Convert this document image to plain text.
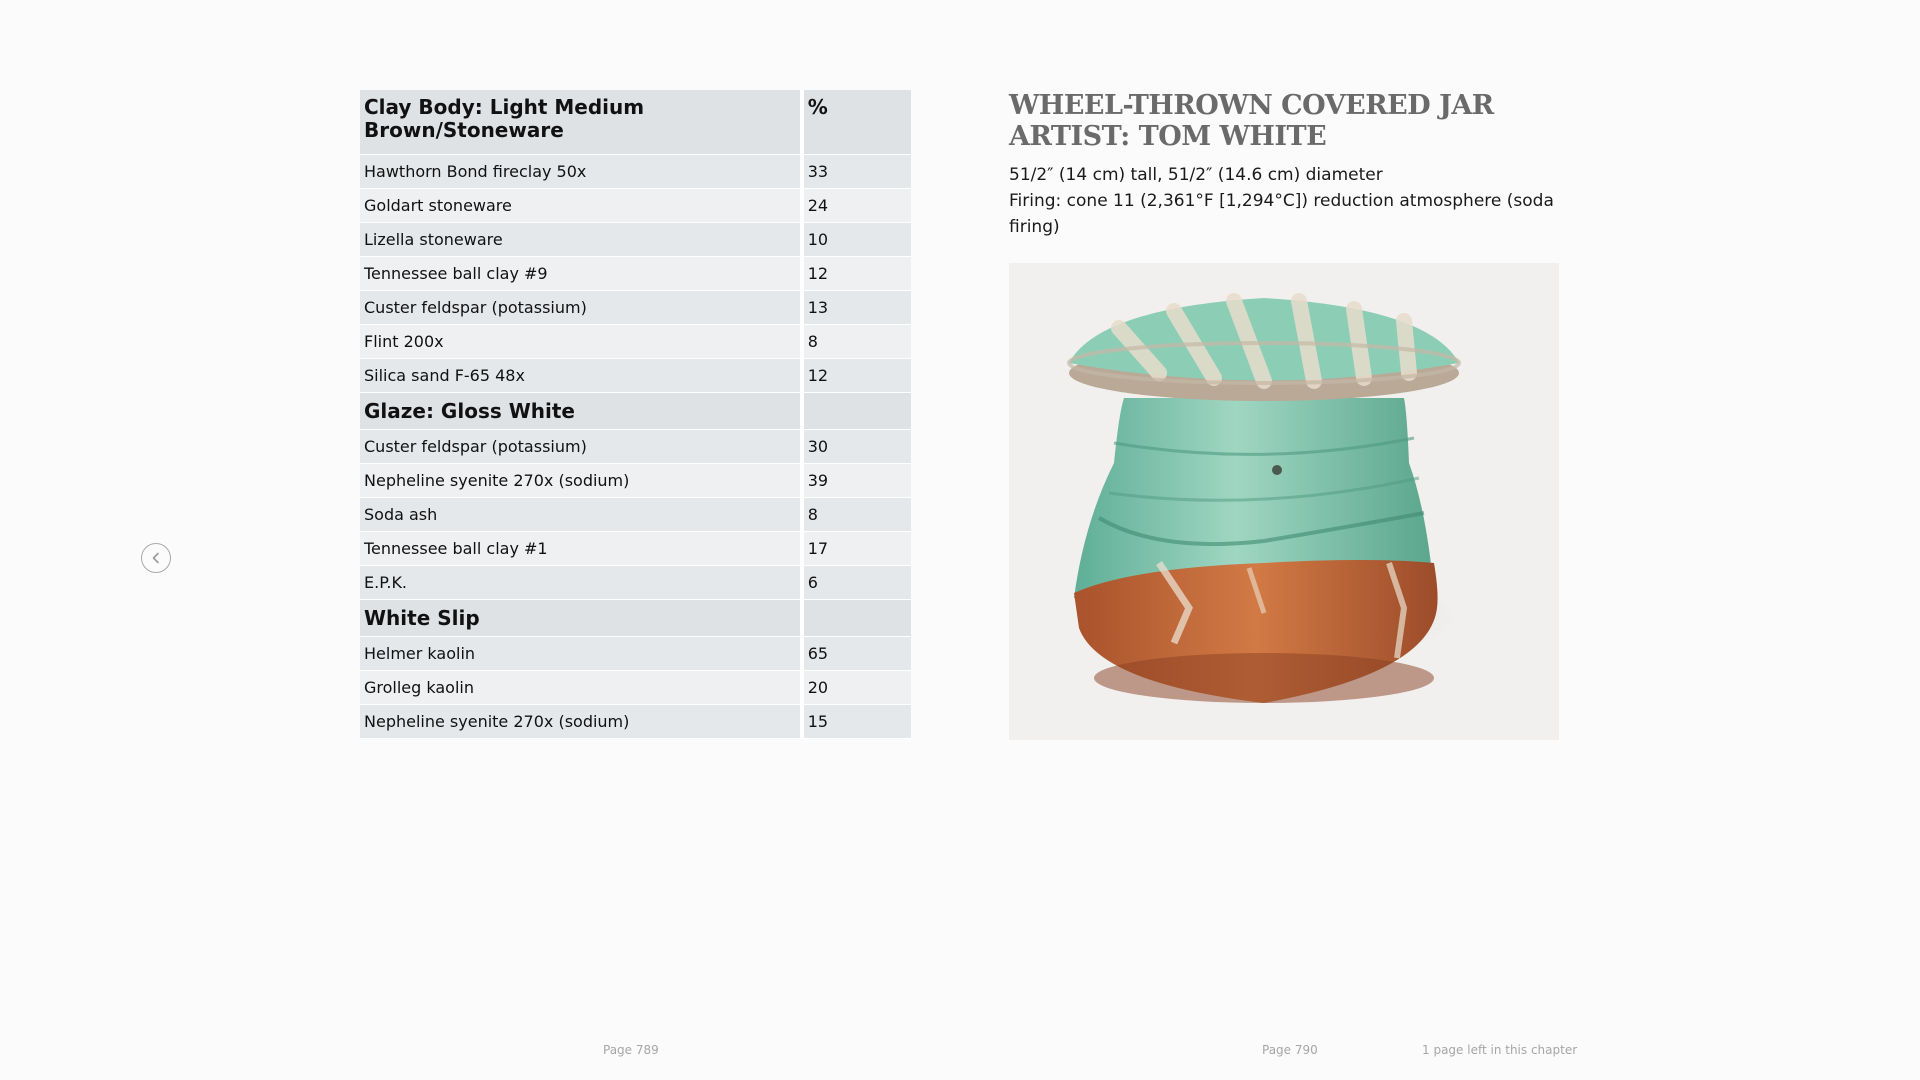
Clay Body: Light Medium Brown/Stoneware	%
Hawthorn Bond fireclay 50x	33
Goldart stoneware	24
Lizella stoneware	10
Tennessee ball clay #9	12
Custer feldspar (potassium)	13
Flint 200x	8
Silica sand F-65 48x	12
Glaze: Gloss White	
Custer feldspar (potassium)	30
Nepheline syenite 270x (sodium)	39
Soda ash	8
Tennessee ball clay #1	17
E.P.K.	6
White Slip	
Helmer kaolin	65
Grolleg kaolin	20
Nepheline syenite 270x (sodium)	15
WHEEL-THROWN COVERED JAR
ARTIST: TOM WHITE
51/2″ (14 cm) tall, 51/2″ (14.6 cm) diameter
Firing: cone 11 (2,361°F [1,294°C]) reduction atmosphere (soda firing)
Page 789	Page 790	1 page left in this chapter
